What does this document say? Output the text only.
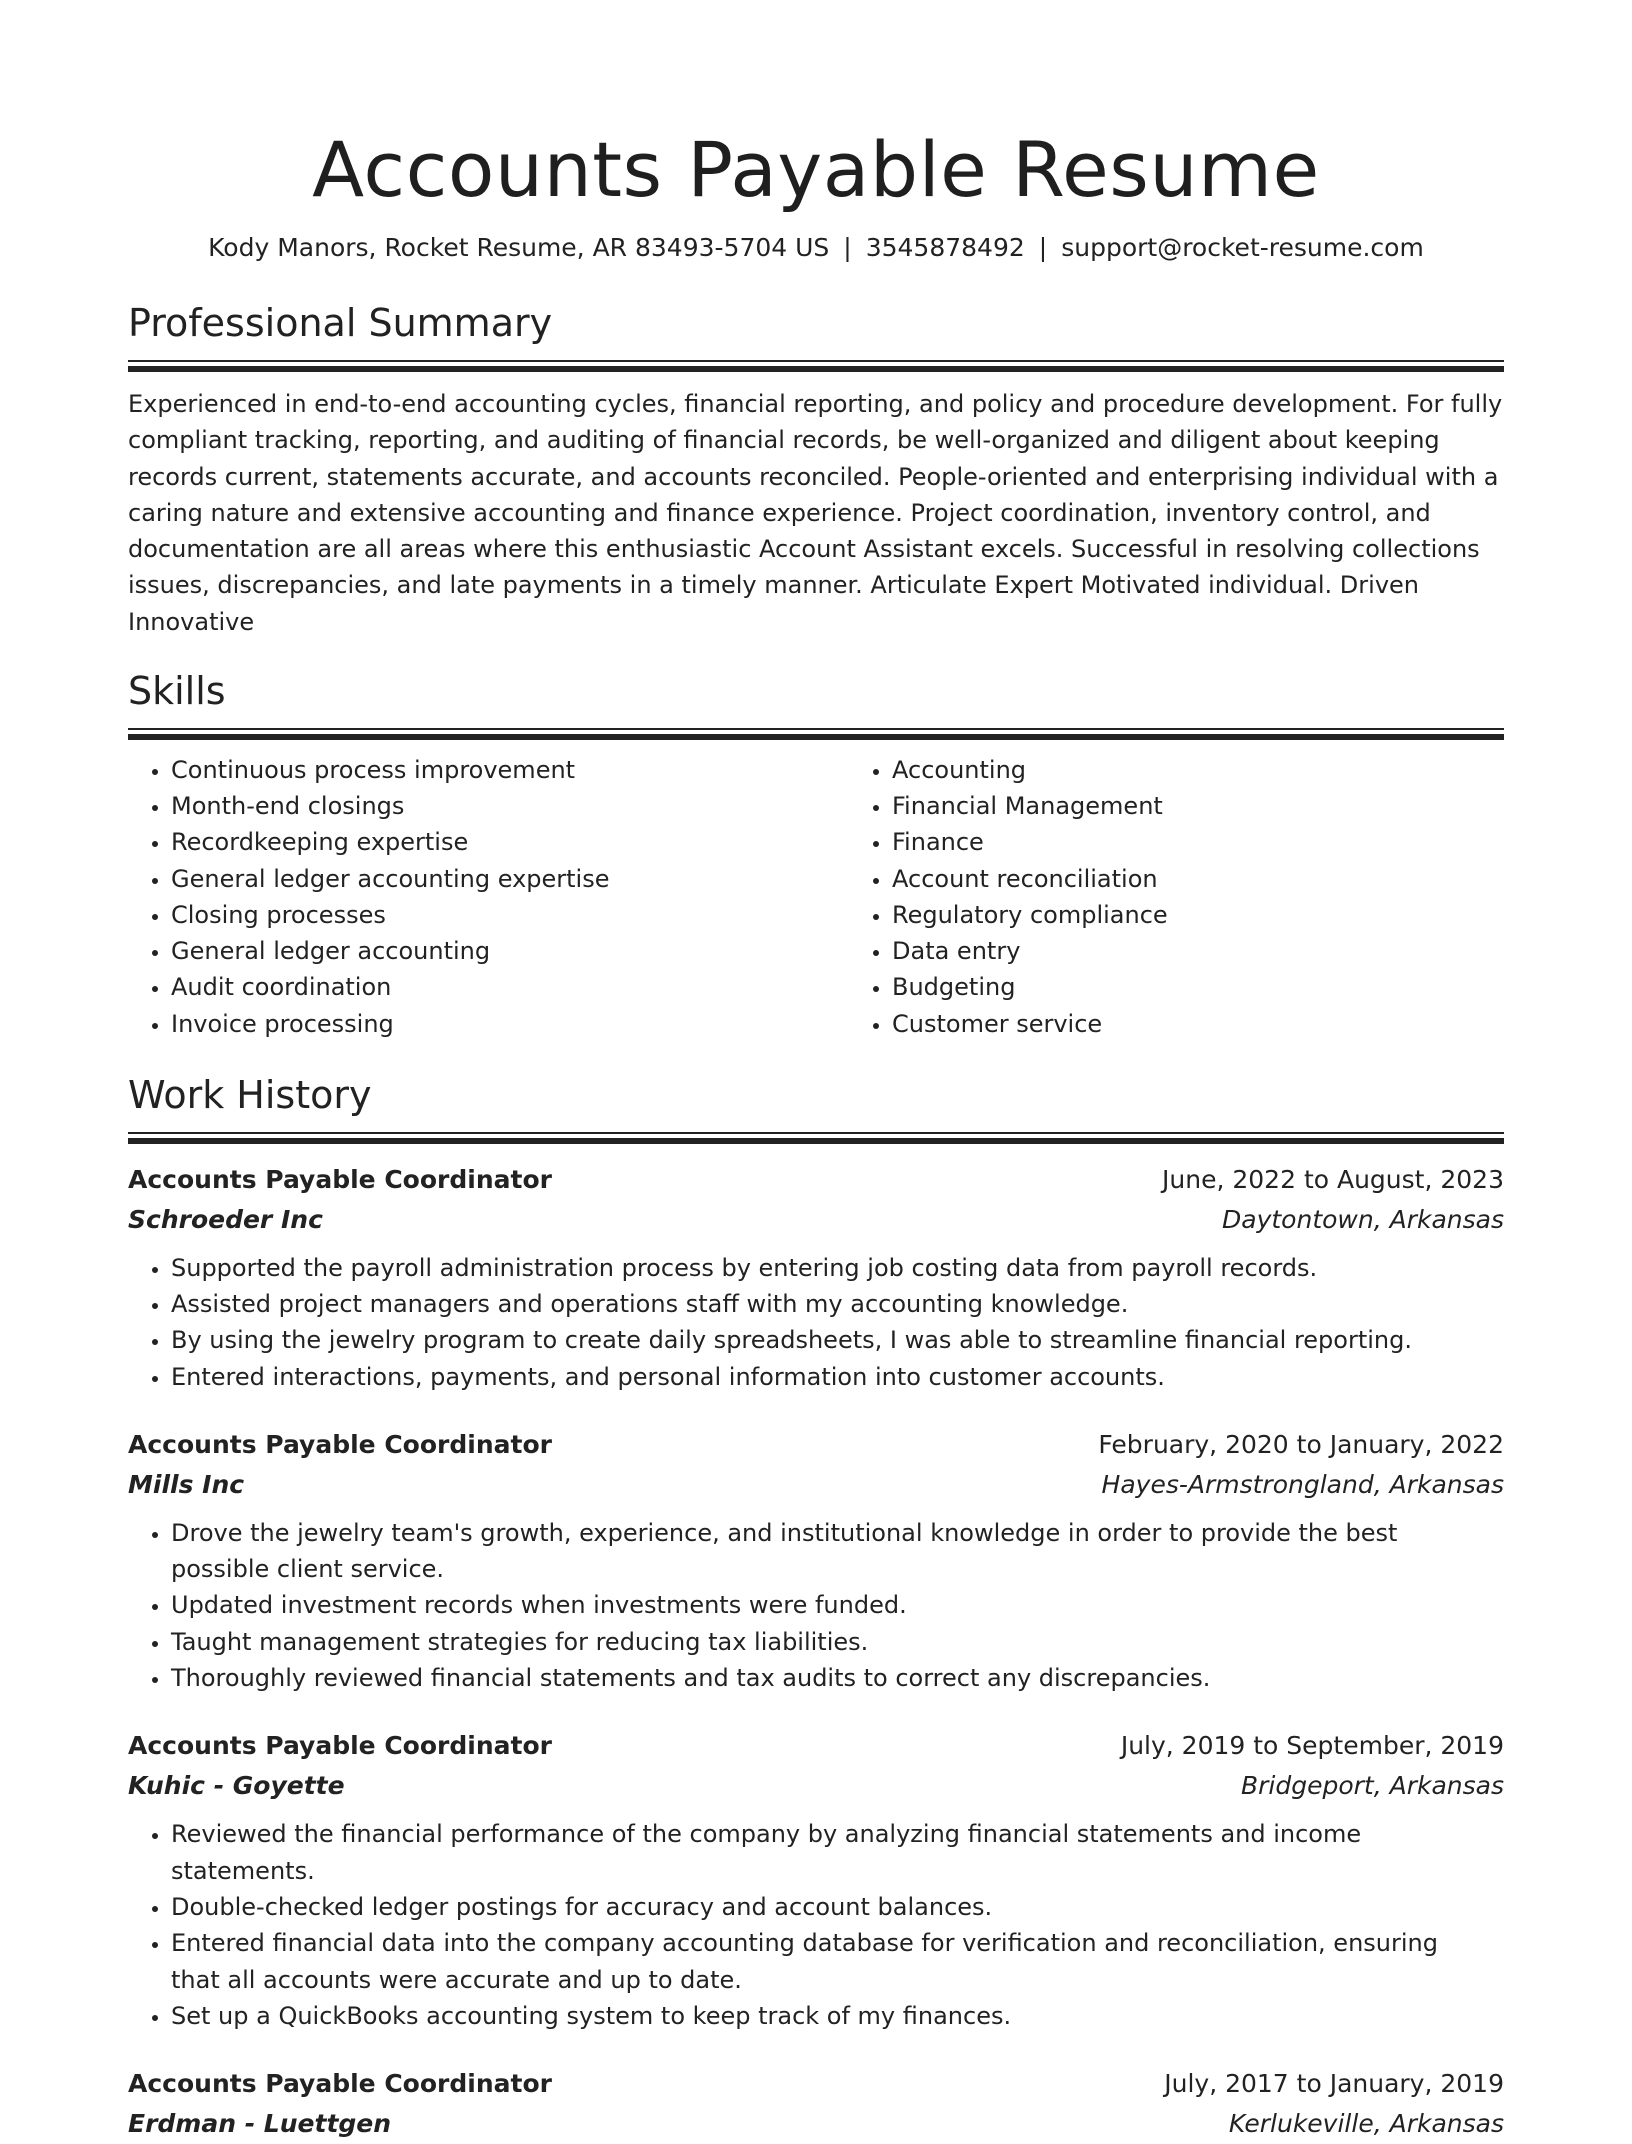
Accounts Payable Resume
Kody Manors, Rocket Resume, AR 83493-5704 US | 3545878492 | support@rocket-resume.com
Professional Summary

Experienced in end-to-end accounting cycles, financial reporting, and policy and procedure development. For fully compliant tracking, reporting, and auditing of financial records, be well-organized and diligent about keeping records current, statements accurate, and accounts reconciled. People-oriented and enterprising individual with a caring nature and extensive accounting and finance experience. Project coordination, inventory control, and documentation are all areas where this enthusiastic Account Assistant excels. Successful in resolving collections issues, discrepancies, and late payments in a timely manner. Articulate Expert Motivated individual. Driven Innovative

Skills
• Continuous process improvement
• Month-end closings
• Recordkeeping expertise
• General ledger accounting expertise
• Closing processes
• General ledger accounting
• Audit coordination
• Invoice processing
• Accounting
• Financial Management
• Finance
• Account reconciliation
• Regulatory compliance
• Data entry
• Budgeting
• Customer service
Work History
Accounts Payable Coordinator	June, 2022 to August, 2023
Schroeder Inc	Daytontown, Arkansas
• Supported the payroll administration process by entering job costing data from payroll records.
• Assisted project managers and operations staff with my accounting knowledge.
• By using the jewelry program to create daily spreadsheets, I was able to streamline financial reporting.
• Entered interactions, payments, and personal information into customer accounts.
Accounts Payable Coordinator	February, 2020 to January, 2022
Mills Inc	Hayes-Armstrongland, Arkansas
• Drove the jewelry team's growth, experience, and institutional knowledge in order to provide the best possible client service.
• Updated investment records when investments were funded.
• Taught management strategies for reducing tax liabilities.
• Thoroughly reviewed financial statements and tax audits to correct any discrepancies.
Accounts Payable Coordinator	July, 2019 to September, 2019
Kuhic - Goyette	Bridgeport, Arkansas
• Reviewed the financial performance of the company by analyzing financial statements and income statements.
• Double-checked ledger postings for accuracy and account balances.
• Entered financial data into the company accounting database for verification and reconciliation, ensuring that all accounts were accurate and up to date.
• Set up a QuickBooks accounting system to keep track of my finances.
Accounts Payable Coordinator	July, 2017 to January, 2019
Erdman - Luettgen	Kerlukeville, Arkansas
